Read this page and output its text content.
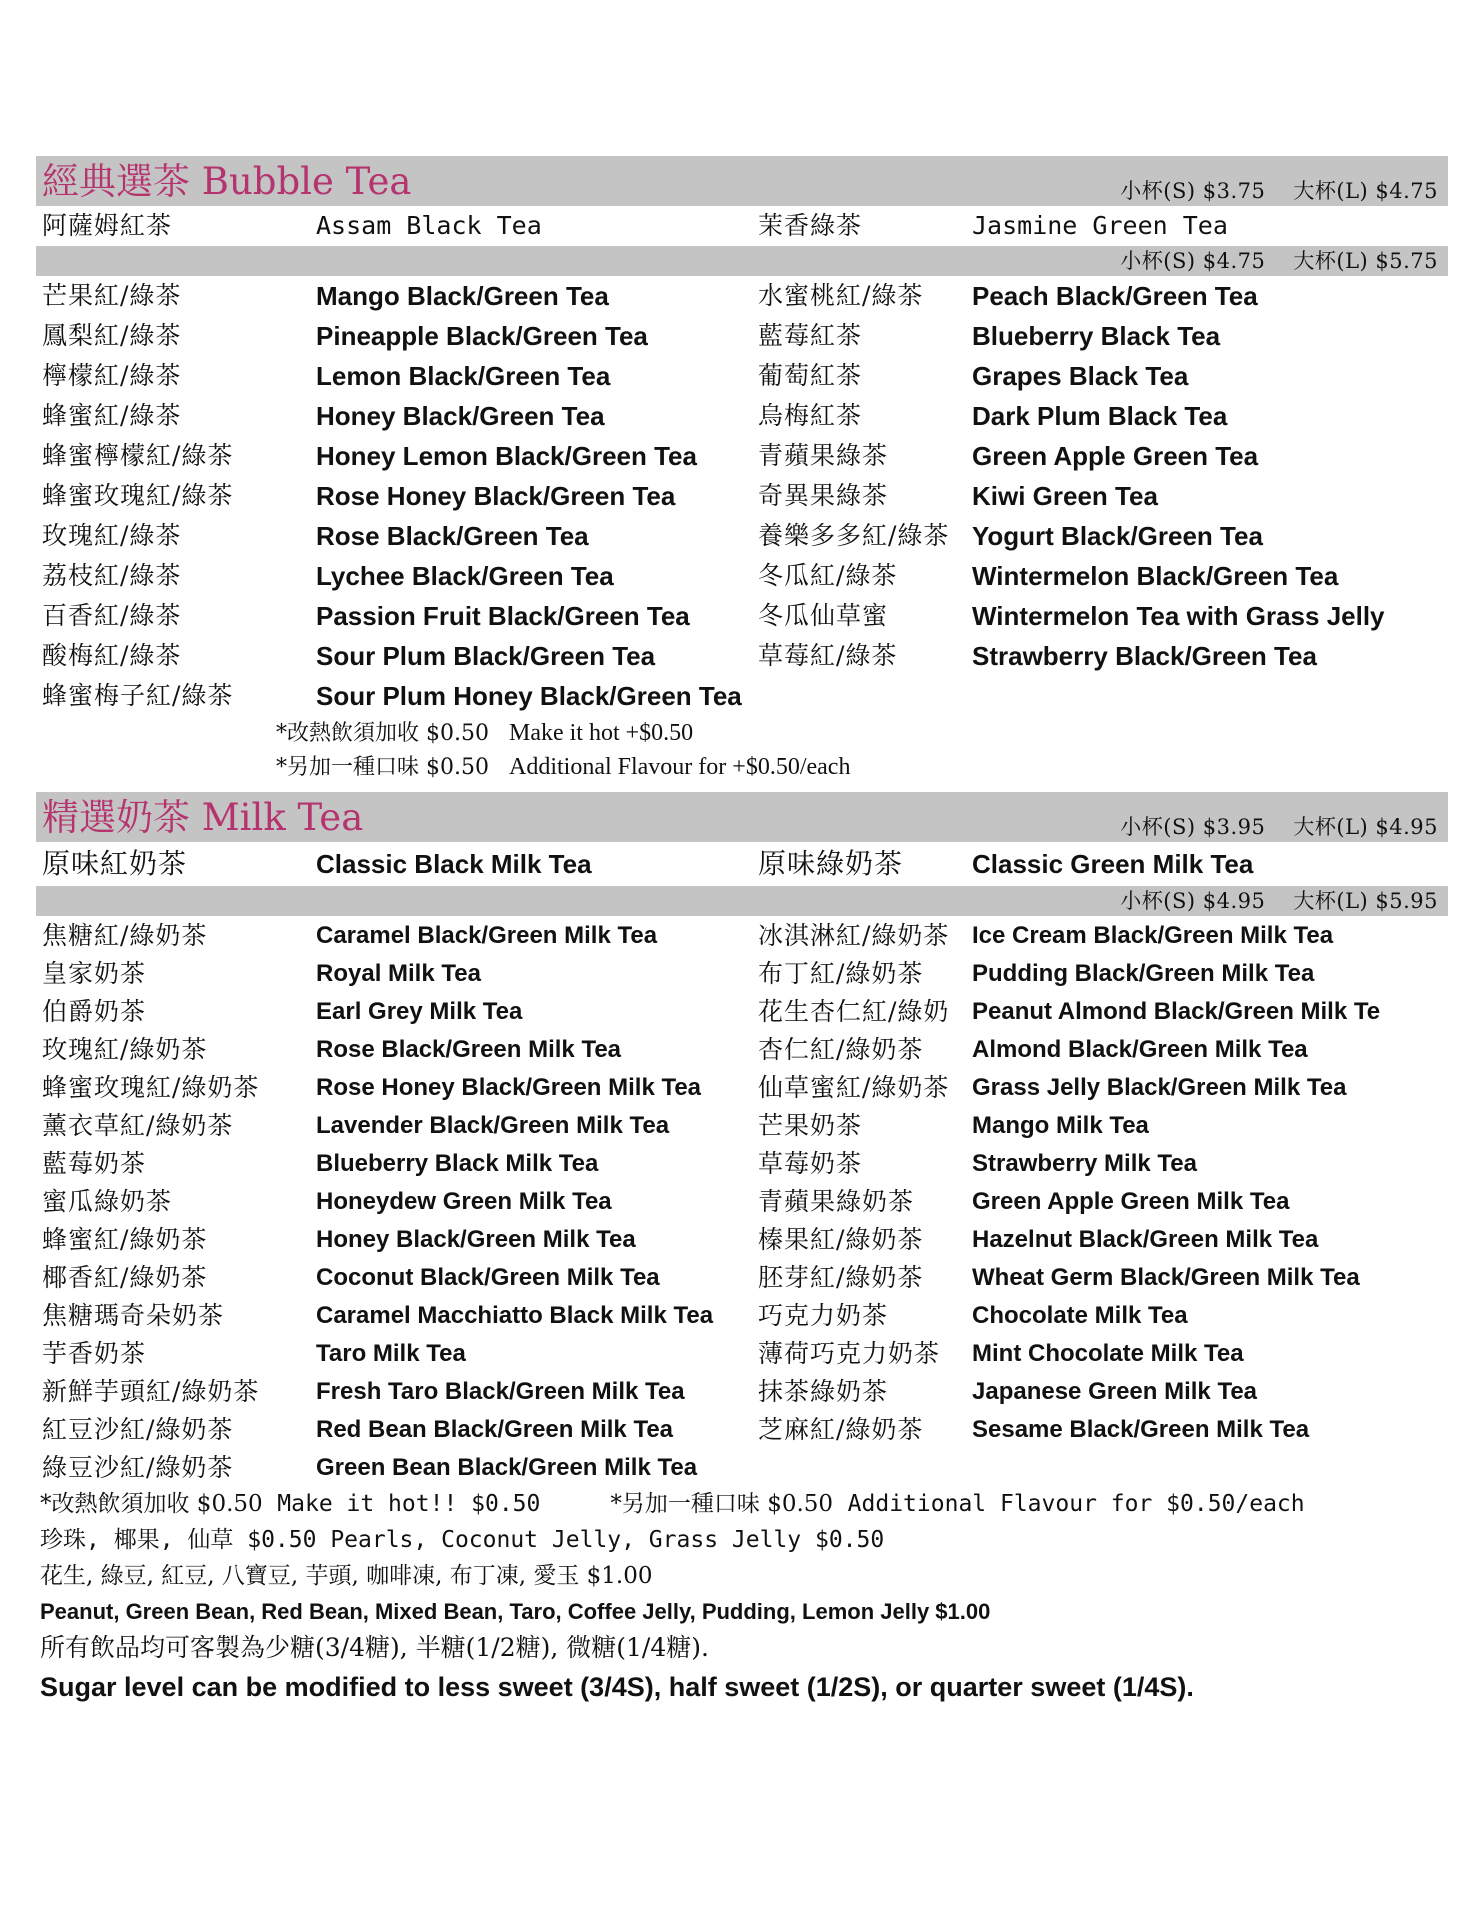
經典選茶 Bubble Tea	小杯(S) $3.75 大杯(L) $4.75
阿薩姆紅茶	Assam Black Tea	茉香綠茶	Jasmine Green Tea
小杯(S) $4.75 大杯(L) $5.75
芒果紅/綠茶	Mango Black/Green Tea	水蜜桃紅/綠茶	Peach Black/Green Tea
鳳梨紅/綠茶	Pineapple Black/Green Tea	藍莓紅茶	Blueberry Black Tea
檸檬紅/綠茶	Lemon Black/Green Tea	葡萄紅茶	Grapes Black Tea
蜂蜜紅/綠茶	Honey Black/Green Tea	烏梅紅茶	Dark Plum Black Tea
蜂蜜檸檬紅/綠茶	Honey Lemon Black/Green Tea	青蘋果綠茶	Green Apple Green Tea
蜂蜜玫瑰紅/綠茶	Rose Honey Black/Green Tea	奇異果綠茶	Kiwi Green Tea
玫瑰紅/綠茶	Rose Black/Green Tea	養樂多多紅/綠茶 Yogurt Black/Green Tea
荔枝紅/綠茶	Lychee Black/Green Tea	冬瓜紅/綠茶	Wintermelon Black/Green Tea
百香紅/綠茶	Passion Fruit Black/Green Tea	冬瓜仙草蜜	Wintermelon Tea with Grass Jelly
酸梅紅/綠茶	Sour Plum Black/Green Tea	草莓紅/綠茶	Strawberry Black/Green Tea
蜂蜜梅子紅/綠茶	Sour Plum Honey Black/Green Tea
*改熱飲須加收 $0.50 Make it hot +$0.50
*另加一種口味 $0.50 Additional Flavour for +$0.50/each
精選奶茶 Milk Tea	小杯(S) $3.95 大杯(L) $4.95
原味紅奶茶	Classic Black Milk Tea	原味綠奶茶	Classic Green Milk Tea
小杯(S) $4.95 大杯(L) $5.95
焦糖紅/綠奶茶	Caramel Black/Green Milk Tea	冰淇淋紅/綠奶茶 Ice Cream Black/Green Milk Tea
皇家奶茶	Royal Milk Tea	布丁紅/綠奶茶	Pudding Black/Green Milk Tea
伯爵奶茶	Earl Grey Milk Tea	花生杏仁紅/綠奶 Peanut Almond Black/Green Milk Te
玫瑰紅/綠奶茶	Rose Black/Green Milk Tea	杏仁紅/綠奶茶	Almond Black/Green Milk Tea
蜂蜜玫瑰紅/綠奶茶	Rose Honey Black/Green Milk Tea	仙草蜜紅/綠奶茶 Grass Jelly Black/Green Milk Tea
薰衣草紅/綠奶茶	Lavender Black/Green Milk Tea	芒果奶茶	Mango Milk Tea
藍莓奶茶	Blueberry Black Milk Tea	草莓奶茶	Strawberry Milk Tea
蜜瓜綠奶茶	Honeydew Green Milk Tea	青蘋果綠奶茶	Green Apple Green Milk Tea
蜂蜜紅/綠奶茶	Honey Black/Green Milk Tea	榛果紅/綠奶茶	Hazelnut Black/Green Milk Tea
椰香紅/綠奶茶	Coconut Black/Green Milk Tea	胚芽紅/綠奶茶	Wheat Germ Black/Green Milk Tea
焦糖瑪奇朵奶茶	Caramel Macchiatto Black Milk Tea	巧克力奶茶	Chocolate Milk Tea
芋香奶茶	Taro Milk Tea	薄荷巧克力奶茶	Mint Chocolate Milk Tea
新鮮芋頭紅/綠奶茶	Fresh Taro Black/Green Milk Tea	抹茶綠奶茶	Japanese Green Milk Tea
紅豆沙紅/綠奶茶	Red Bean Black/Green Milk Tea	芝麻紅/綠奶茶	Sesame Black/Green Milk Tea
綠豆沙紅/綠奶茶	Green Bean Black/Green Milk Tea
*改熱飲須加收 $0.50 Make it hot!! $0.50	*另加一種口味 $0.50 Additional Flavour for $0.50/each
珍珠, 椰果, 仙草 $0.50 Pearls, Coconut Jelly, Grass Jelly $0.50
花生, 綠豆, 紅豆, 八寶豆, 芋頭, 咖啡凍, 布丁凍, 愛玉 $1.00
Peanut, Green Bean, Red Bean, Mixed Bean, Taro, Coffee Jelly, Pudding, Lemon Jelly $1.00
所有飲品均可客製為少糖(3/4糖), 半糖(1/2糖), 微糖(1/4糖).
Sugar level can be modified to less sweet (3/4S), half sweet (1/2S), or quarter sweet (1/4S).
